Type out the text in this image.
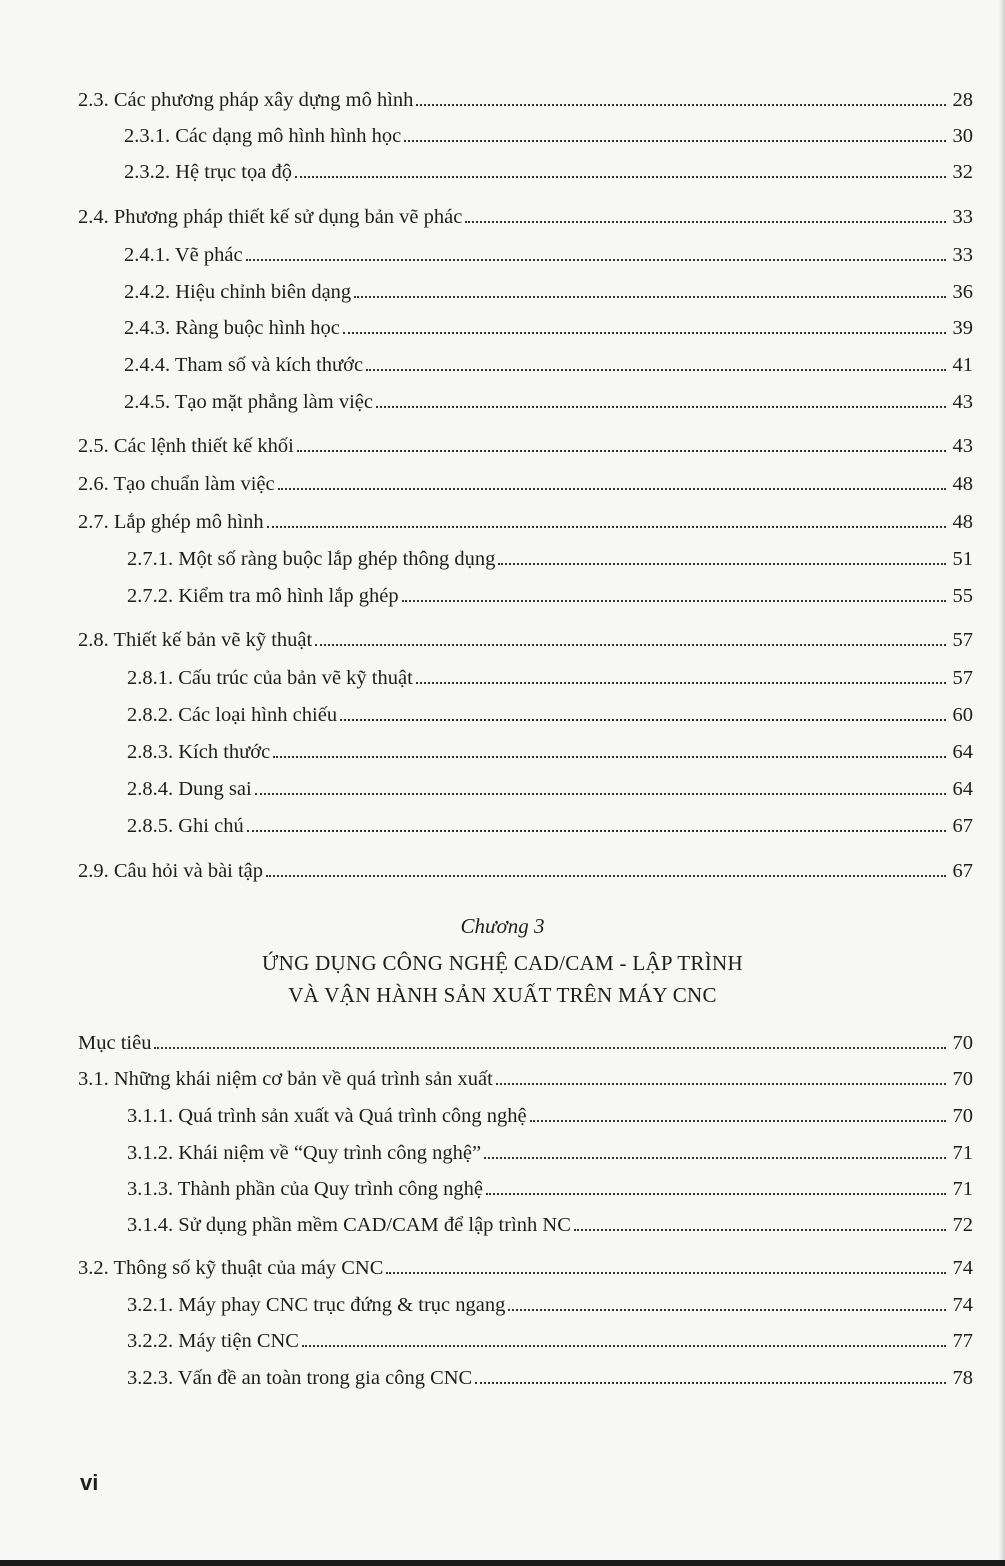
2.3. Các phương pháp xây dựng mô hình	28
2.3.1. Các dạng mô hình hình học	30
2.3.2. Hệ trục tọa độ	32
2.4. Phương pháp thiết kế sử dụng bản vẽ phác	33
2.4.1. Vẽ phác	33
2.4.2. Hiệu chỉnh biên dạng	36
2.4.3. Ràng buộc hình học	39
2.4.4. Tham số và kích thước	41
2.4.5. Tạo mặt phẳng làm việc	43
2.5. Các lệnh thiết kế khối	43
2.6. Tạo chuẩn làm việc	48
2.7. Lắp ghép mô hình	48
2.7.1. Một số ràng buộc lắp ghép thông dụng	51
2.7.2. Kiểm tra mô hình lắp ghép	55
2.8. Thiết kế bản vẽ kỹ thuật	57
2.8.1. Cấu trúc của bản vẽ kỹ thuật	57
2.8.2. Các loại hình chiếu	60
2.8.3. Kích thước	64
2.8.4. Dung sai	64
2.8.5. Ghi chú	67
2.9. Câu hỏi và bài tập	67
Chương 3
ỨNG DỤNG CÔNG NGHỆ CAD/CAM - LẬP TRÌNH
VÀ VẬN HÀNH SẢN XUẤT TRÊN MÁY CNC
Mục tiêu	70
3.1. Những khái niệm cơ bản về quá trình sản xuất	70
3.1.1. Quá trình sản xuất và Quá trình công nghệ	70
3.1.2. Khái niệm về “Quy trình công nghệ”	71
3.1.3. Thành phần của Quy trình công nghệ	71
3.1.4. Sử dụng phần mềm CAD/CAM để lập trình NC	72
3.2. Thông số kỹ thuật của máy CNC	74
3.2.1. Máy phay CNC trục đứng & trục ngang	74
3.2.2. Máy tiện CNC	77
3.2.3. Vấn đề an toàn trong gia công CNC	78
vi
